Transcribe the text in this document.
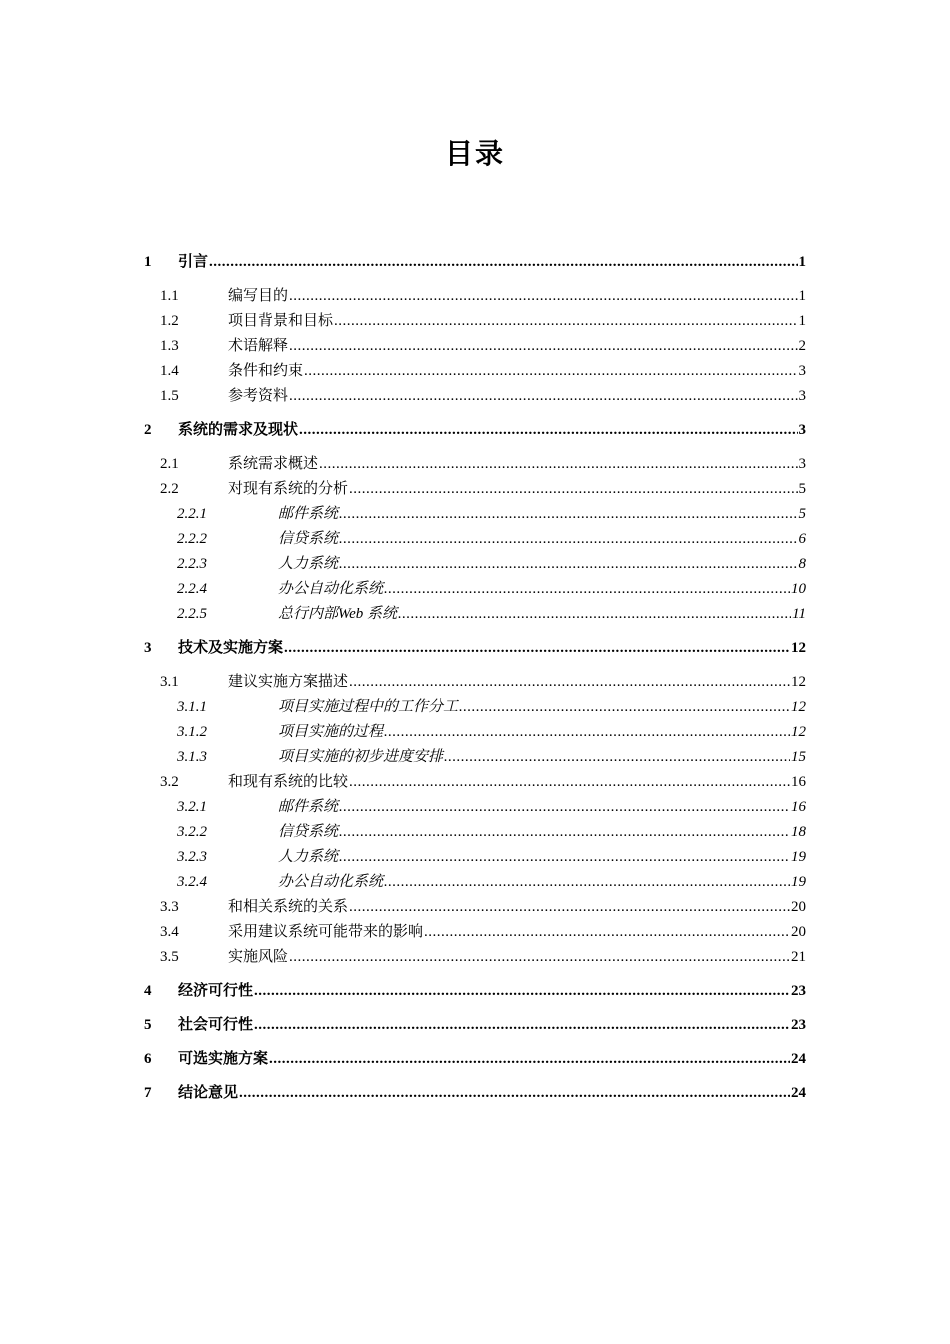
目录
1	引言 .....	1
1.1	编写目的 .....	1
1.2	项目背景和目标 .....	1
1.3	术语解释 .....	2
1.4	条件和约束 .....	3
1.5	参考资料 .....	3
2	系统的需求及现状 .....	3
2.1	系统需求概述 .....	3
2.2	对现有系统的分析 .....	5
2.2.1	邮件系统 .....	5
2.2.2	信贷系统 .....	6
2.2.3	人力系统 .....	8
2.2.4	办公自动化系统 .....	10
2.2.5	总行内部Web 系统 .....	11
3	技术及实施方案 .....	12
3.1	建议实施方案描述 .....	12
3.1.1	项目实施过程中的工作分工 .....	12
3.1.2	项目实施的过程 .....	12
3.1.3	项目实施的初步进度安排 .....	15
3.2	和现有系统的比较 .....	16
3.2.1	邮件系统 .....	16
3.2.2	信贷系统 .....	18
3.2.3	人力系统 .....	19
3.2.4	办公自动化系统 .....	19
3.3	和相关系统的关系 .....	20
3.4	采用建议系统可能带来的影响 .....	20
3.5	实施风险 .....	21
4	经济可行性 .....	23
5	社会可行性 .....	23
6	可选实施方案 .....	24
7	结论意见 .....	24
